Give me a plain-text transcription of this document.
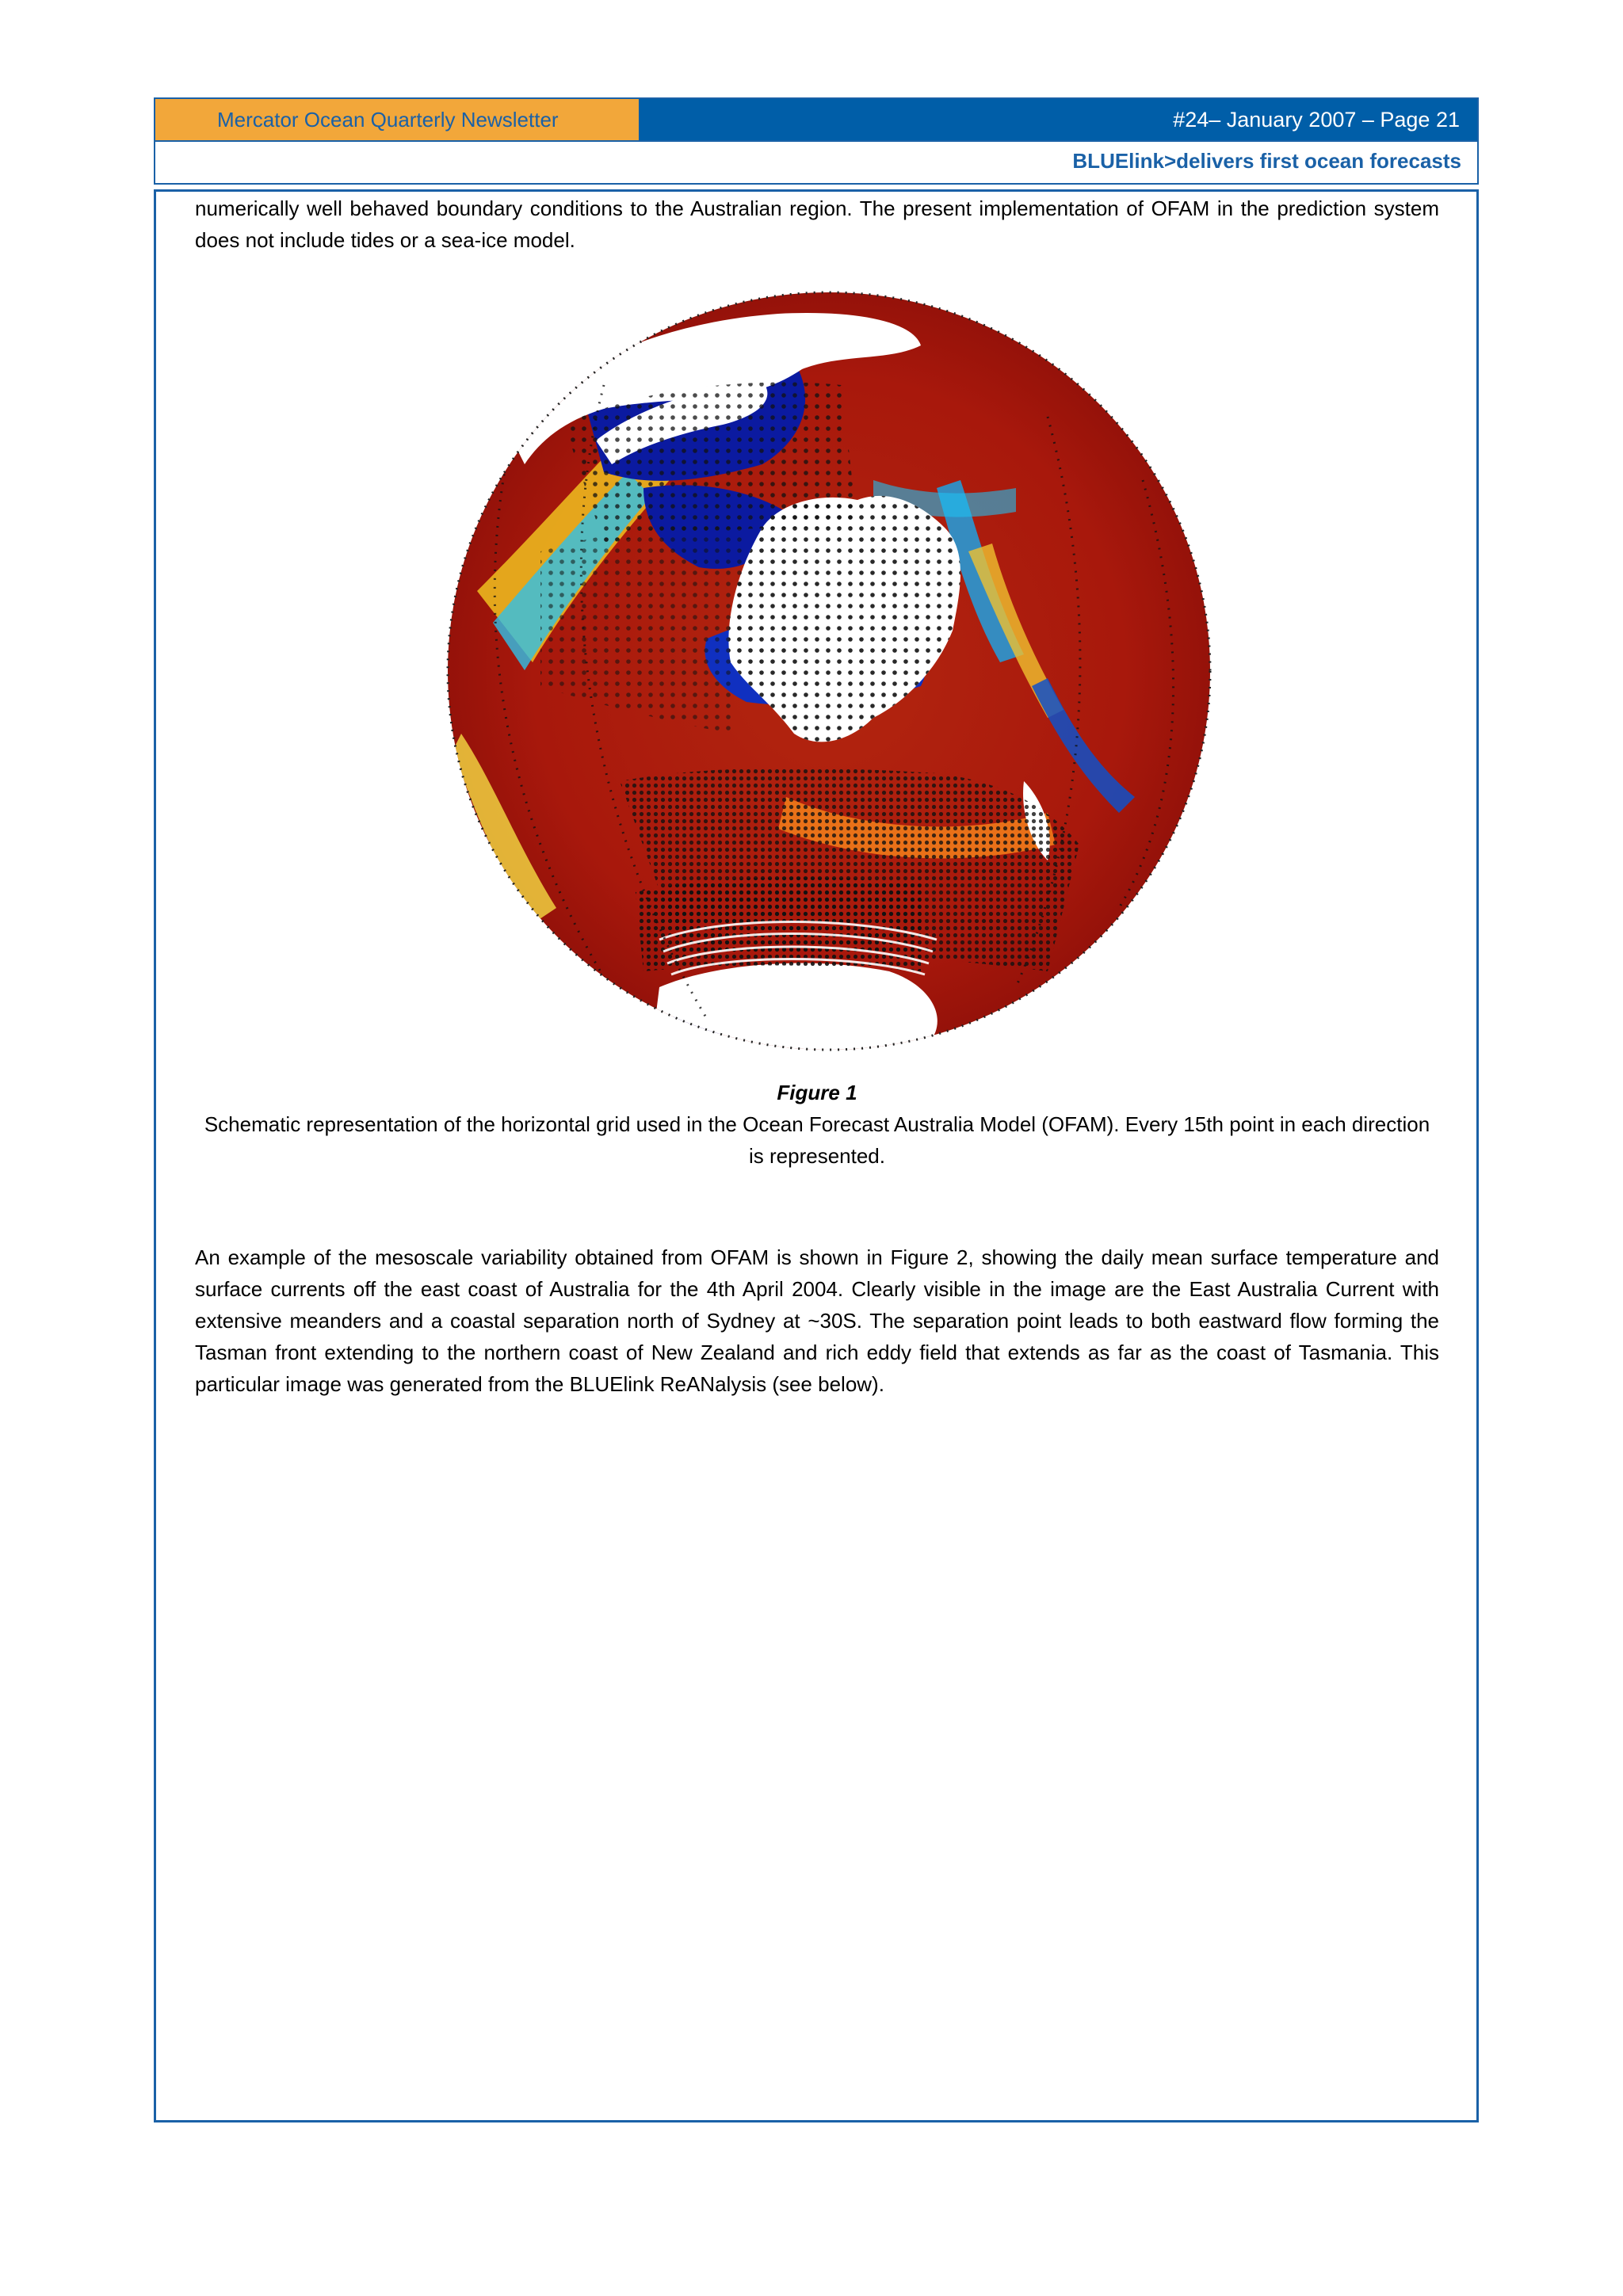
Mercator Ocean Quarterly Newsletter	#24– January 2007 – Page 21
BLUElink>delivers first ocean forecasts

numerically well behaved boundary conditions to the Australian region. The present implementation of OFAM in the prediction system does not include tides or a sea-ice model.

Figure 1
Schematic representation of the horizontal grid used in the Ocean Forecast Australia Model (OFAM). Every 15th point in each direction is represented.

An example of the mesoscale variability obtained from OFAM is shown in Figure 2, showing the daily mean surface temperature and surface currents off the east coast of Australia for the 4th April 2004. Clearly visible in the image are the East Australia Current with extensive meanders and a coastal separation north of Sydney at ~30S. The separation point leads to both eastward flow forming the Tasman front extending to the northern coast of New Zealand and rich eddy field that extends as far as the coast of Tasmania. This particular image was generated from the BLUElink ReANalysis (see below).
